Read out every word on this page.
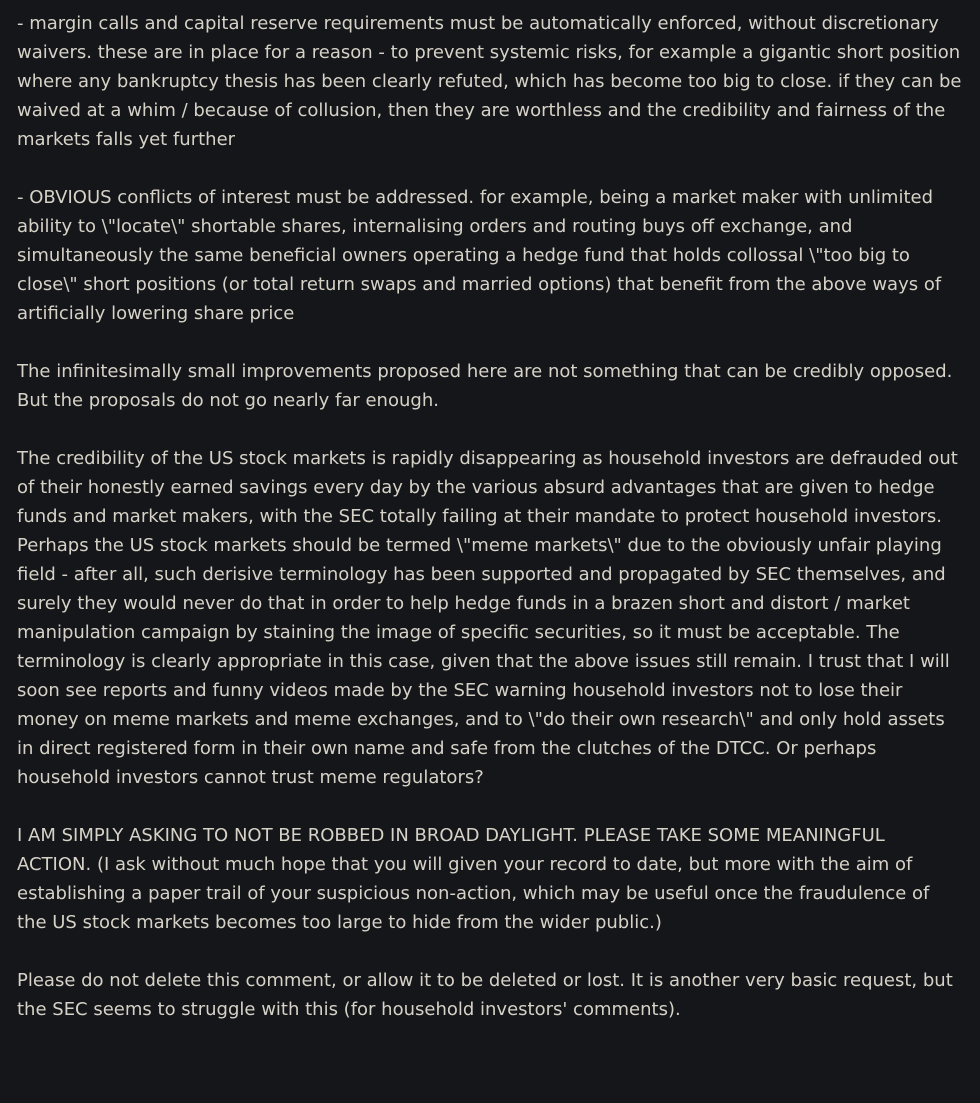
- margin calls and capital reserve requirements must be automatically enforced, without discretionary waivers. these are in place for a reason - to prevent systemic risks, for example a gigantic short position where any bankruptcy thesis has been clearly refuted, which has become too big to close. if they can be waived at a whim / because of collusion, then they are worthless and the credibility and fairness of the markets falls yet further

- OBVIOUS conflicts of interest must be addressed. for example, being a market maker with unlimited ability to \"locate\" shortable shares, internalising orders and routing buys off exchange, and simultaneously the same beneficial owners operating a hedge fund that holds collossal \"too big to close\" short positions (or total return swaps and married options) that benefit from the above ways of artificially lowering share price

The infinitesimally small improvements proposed here are not something that can be credibly opposed. But the proposals do not go nearly far enough.

The credibility of the US stock markets is rapidly disappearing as household investors are defrauded out of their honestly earned savings every day by the various absurd advantages that are given to hedge funds and market makers, with the SEC totally failing at their mandate to protect household investors. Perhaps the US stock markets should be termed \"meme markets\" due to the obviously unfair playing field - after all, such derisive terminology has been supported and propagated by SEC themselves, and surely they would never do that in order to help hedge funds in a brazen short and distort / market manipulation campaign by staining the image of specific securities, so it must be acceptable. The terminology is clearly appropriate in this case, given that the above issues still remain. I trust that I will soon see reports and funny videos made by the SEC warning household investors not to lose their money on meme markets and meme exchanges, and to \"do their own research\" and only hold assets in direct registered form in their own name and safe from the clutches of the DTCC. Or perhaps household investors cannot trust meme regulators?

I AM SIMPLY ASKING TO NOT BE ROBBED IN BROAD DAYLIGHT. PLEASE TAKE SOME MEANINGFUL ACTION. (I ask without much hope that you will given your record to date, but more with the aim of establishing a paper trail of your suspicious non-action, which may be useful once the fraudulence of the US stock markets becomes too large to hide from the wider public.)

Please do not delete this comment, or allow it to be deleted or lost. It is another very basic request, but the SEC seems to struggle with this (for household investors' comments).
